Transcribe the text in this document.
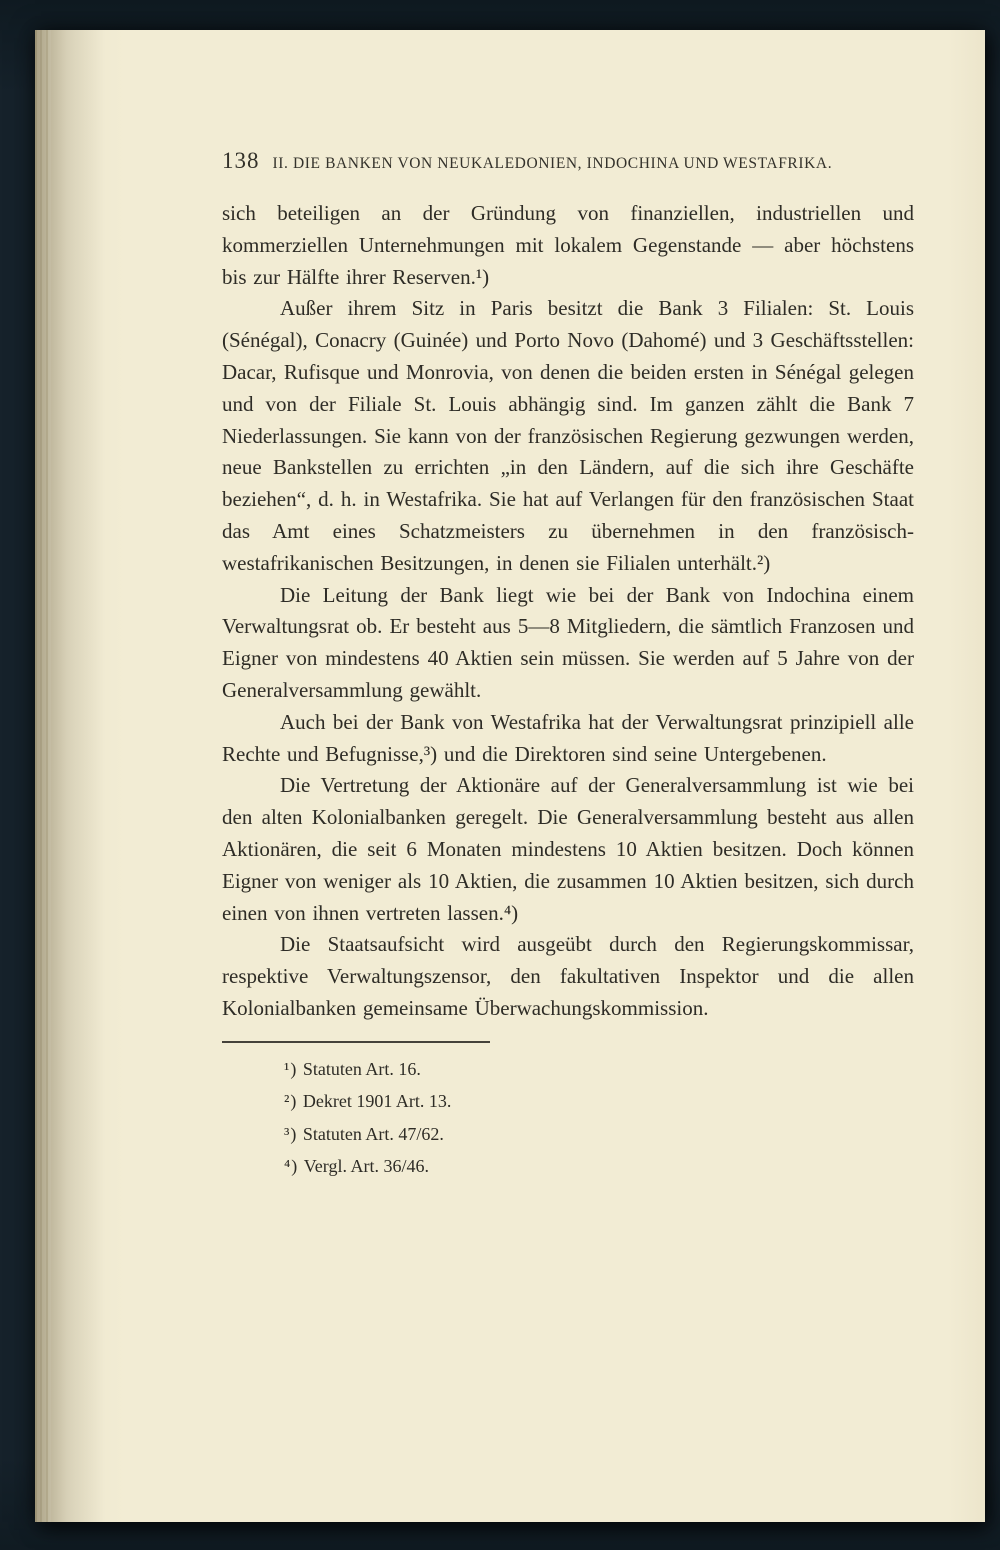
138 II. DIE BANKEN VON NEUKALEDONIEN, INDOCHINA UND WESTAFRIKA.

sich beteiligen an der Gründung von finanziellen, industriellen und kommerziellen Unternehmungen mit lokalem Gegenstande — aber höchstens bis zur Hälfte ihrer Reserven.¹)

Außer ihrem Sitz in Paris besitzt die Bank 3 Filialen: St. Louis (Sénégal), Conacry (Guinée) und Porto Novo (Dahomé) und 3 Geschäftsstellen: Dacar, Rufisque und Monrovia, von denen die beiden ersten in Sénégal gelegen und von der Filiale St. Louis abhängig sind. Im ganzen zählt die Bank 7 Niederlassungen. Sie kann von der französischen Regierung gezwungen werden, neue Bankstellen zu errichten „in den Ländern, auf die sich ihre Geschäfte beziehen“, d. h. in Westafrika. Sie hat auf Verlangen für den französischen Staat das Amt eines Schatzmeisters zu übernehmen in den französisch-westafrikanischen Besitzungen, in denen sie Filialen unterhält.²)

Die Leitung der Bank liegt wie bei der Bank von Indochina einem Verwaltungsrat ob. Er besteht aus 5—8 Mitgliedern, die sämtlich Franzosen und Eigner von mindestens 40 Aktien sein müssen. Sie werden auf 5 Jahre von der Generalversammlung gewählt.

Auch bei der Bank von Westafrika hat der Verwaltungsrat prinzipiell alle Rechte und Befugnisse,³) und die Direktoren sind seine Untergebenen.

Die Vertretung der Aktionäre auf der Generalversammlung ist wie bei den alten Kolonialbanken geregelt. Die Generalversammlung besteht aus allen Aktionären, die seit 6 Monaten mindestens 10 Aktien besitzen. Doch können Eigner von weniger als 10 Aktien, die zusammen 10 Aktien besitzen, sich durch einen von ihnen vertreten lassen.⁴)

Die Staatsaufsicht wird ausgeübt durch den Regierungskommissar, respektive Verwaltungszensor, den fakultativen Inspektor und die allen Kolonialbanken gemeinsame Überwachungskommission.

¹) Statuten Art. 16.
²) Dekret 1901 Art. 13.
³) Statuten Art. 47/62.
⁴) Vergl. Art. 36/46.
